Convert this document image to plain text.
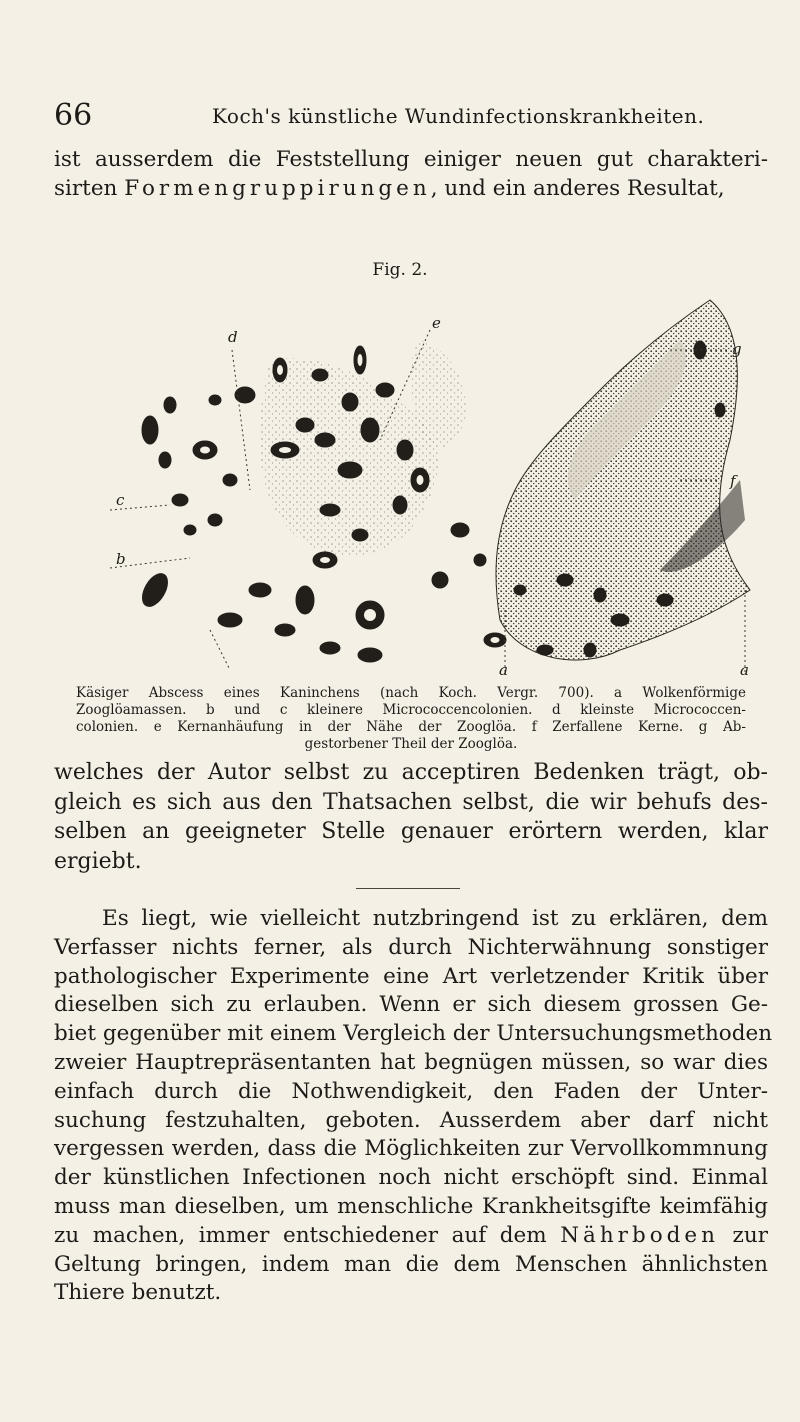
66	Koch's künstliche Wundinfectionskrankheiten.
ist ausserdem die Feststellung einiger neuen gut charakteri-
sirten Formengruppirungen, und ein anderes Resultat,
Fig. 2.
d
e
g
f
c
b
a	a
Käsiger Abscess eines Kaninchens (nach Koch. Vergr. 700). a Wolkenförmige
Zooglöamassen. b und c kleinere Micrococcencolonien. d kleinste Micrococcen-
colonien. e Kernanhäufung in der Nähe der Zooglöa. f Zerfallene Kerne. g Ab-
gestorbener Theil der Zooglöa.
welches der Autor selbst zu acceptiren Bedenken trägt, ob-
gleich es sich aus den Thatsachen selbst, die wir behufs des-
selben an geeigneter Stelle genauer erörtern werden, klar
ergiebt.
Es liegt, wie vielleicht nutzbringend ist zu erklären, dem
Verfasser nichts ferner, als durch Nichterwähnung sonstiger
pathologischer Experimente eine Art verletzender Kritik über
dieselben sich zu erlauben. Wenn er sich diesem grossen Ge-
biet gegenüber mit einem Vergleich der Untersuchungsmethoden
zweier Hauptrepräsentanten hat begnügen müssen, so war dies
einfach durch die Nothwendigkeit, den Faden der Unter-
suchung festzuhalten, geboten. Ausserdem aber darf nicht
vergessen werden, dass die Möglichkeiten zur Vervollkommnung
der künstlichen Infectionen noch nicht erschöpft sind. Einmal
muss man dieselben, um menschliche Krankheitsgifte keimfähig
zu machen, immer entschiedener auf dem Nährboden zur
Geltung bringen, indem man die dem Menschen ähnlichsten
Thiere benutzt.
